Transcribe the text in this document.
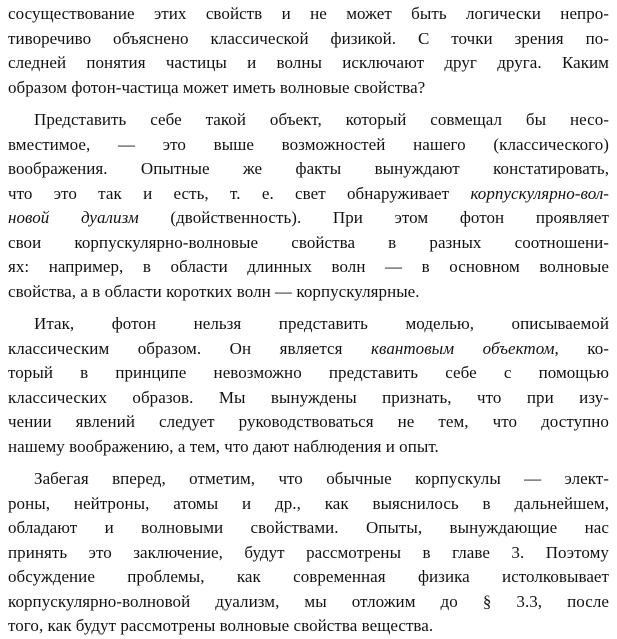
сосуществование этих свойств и не может быть логически непро-
тиворечиво объяснено классической физикой. С точки зрения по-
следней понятия частицы и волны исключают друг друга. Каким
образом фотон-частица может иметь волновые свойства?
Представить себе такой объект, который совмещал бы несо-
вместимое, — это выше возможностей нашего (классического)
воображения. Опытные же факты вынуждают констатировать,
что это так и есть, т. е. свет обнаруживает корпускулярно-вол-
новой дуализм (двойственность). При этом фотон проявляет
свои корпускулярно-волновые свойства в разных соотношени-
ях: например, в области длинных волн — в основном волновые
свойства, а в области коротких волн — корпускулярные.
Итак, фотон нельзя представить моделью, описываемой
классическим образом. Он является квантовым объектом, ко-
торый в принципе невозможно представить себе с помощью
классических образов. Мы вынуждены признать, что при изу-
чении явлений следует руководствоваться не тем, что доступно
нашему воображению, а тем, что дают наблюдения и опыт.
Забегая вперед, отметим, что обычные корпускулы — элект-
роны, нейтроны, атомы и др., как выяснилось в дальнейшем,
обладают и волновыми свойствами. Опыты, вынуждающие нас
принять это заключение, будут рассмотрены в главе 3. Поэтому
обсуждение проблемы, как современная физика истолковывает
корпускулярно-волновой дуализм, мы отложим до § 3.3, после
того, как будут рассмотрены волновые свойства вещества.
